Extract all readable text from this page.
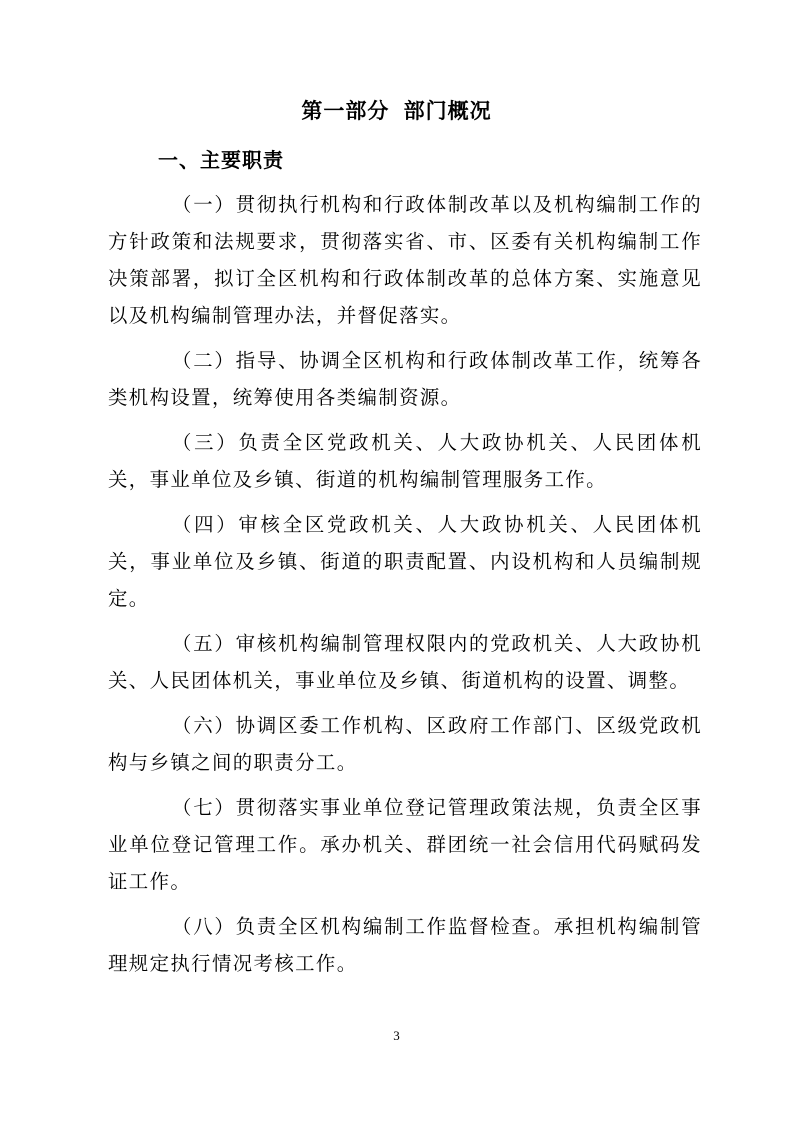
第一部分 部门概况
一、主要职责

（一）贯彻执行机构和行政体制改革以及机构编制工作的方针政策和法规要求，贯彻落实省、市、区委有关机构编制工作决策部署，拟订全区机构和行政体制改革的总体方案、实施意见以及机构编制管理办法，并督促落实。

（二）指导、协调全区机构和行政体制改革工作，统筹各类机构设置，统筹使用各类编制资源。

（三）负责全区党政机关、人大政协机关、人民团体机关，事业单位及乡镇、街道的机构编制管理服务工作。

（四）审核全区党政机关、人大政协机关、人民团体机关，事业单位及乡镇、街道的职责配置、内设机构和人员编制规定。

（五）审核机构编制管理权限内的党政机关、人大政协机关、人民团体机关，事业单位及乡镇、街道机构的设置、调整。

（六）协调区委工作机构、区政府工作部门、区级党政机构与乡镇之间的职责分工。

（七）贯彻落实事业单位登记管理政策法规，负责全区事业单位登记管理工作。承办机关、群团统一社会信用代码赋码发证工作。

（八）负责全区机构编制工作监督检查。承担机构编制管理规定执行情况考核工作。

3
